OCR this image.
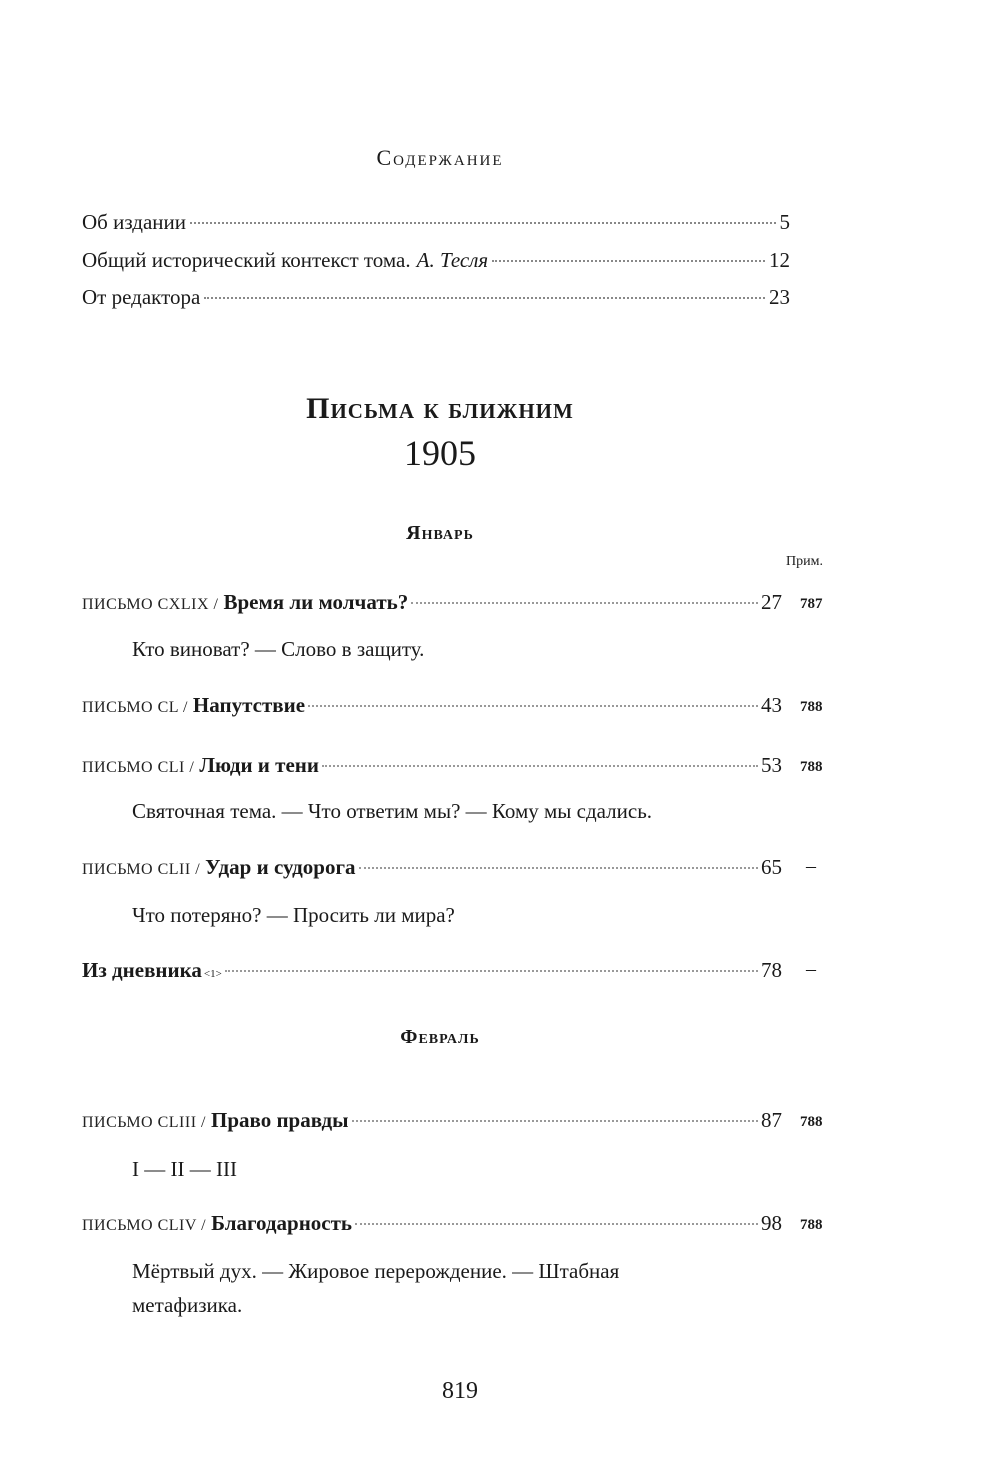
Содержание
Об издании	5
Общий исторический контекст тома. А. Тесля	12
От редактора	23
Письма к ближним
1905
Январь
Прим.
ПИСЬМО CXLIX / Время ли молчать?	27 787
Кто виноват? — Слово в защиту.
ПИСЬМО CL / Напутствие	43 788
ПИСЬМО CLI / Люди и тени	53 788
Святочная тема. — Что ответим мы? — Кому мы сдались.
ПИСЬМО CLII / Удар и судорога	65 –
Что потеряно? — Просить ли мира?
Из дневника <1>	78 –
Февраль
ПИСЬМО CLIII / Право правды	87 788
I — II — III
ПИСЬМО CLIV / Благодарность	98 788
Мёртвый дух. — Жировое перерождение. — Штабная метафизика.
819
